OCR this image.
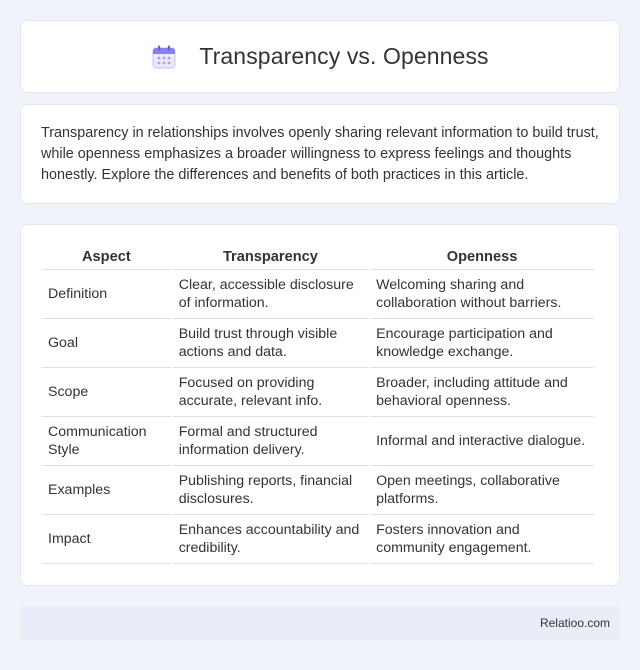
Transparency vs. Openness

Transparency in relationships involves openly sharing relevant information to build trust, while openness emphasizes a broader willingness to express feelings and thoughts honestly. Explore the differences and benefits of both practices in this article.

Aspect	Transparency	Openness
Definition	Clear, accessible disclosure of information.	Welcoming sharing and collaboration without barriers.
Goal	Build trust through visible actions and data.	Encourage participation and knowledge exchange.
Scope	Focused on providing accurate, relevant info.	Broader, including attitude and behavioral openness.
Communication Style	Formal and structured information delivery.	Informal and interactive dialogue.
Examples	Publishing reports, financial disclosures.	Open meetings, collaborative platforms.
Impact	Enhances accountability and credibility.	Fosters innovation and community engagement.
Relatioo.com
